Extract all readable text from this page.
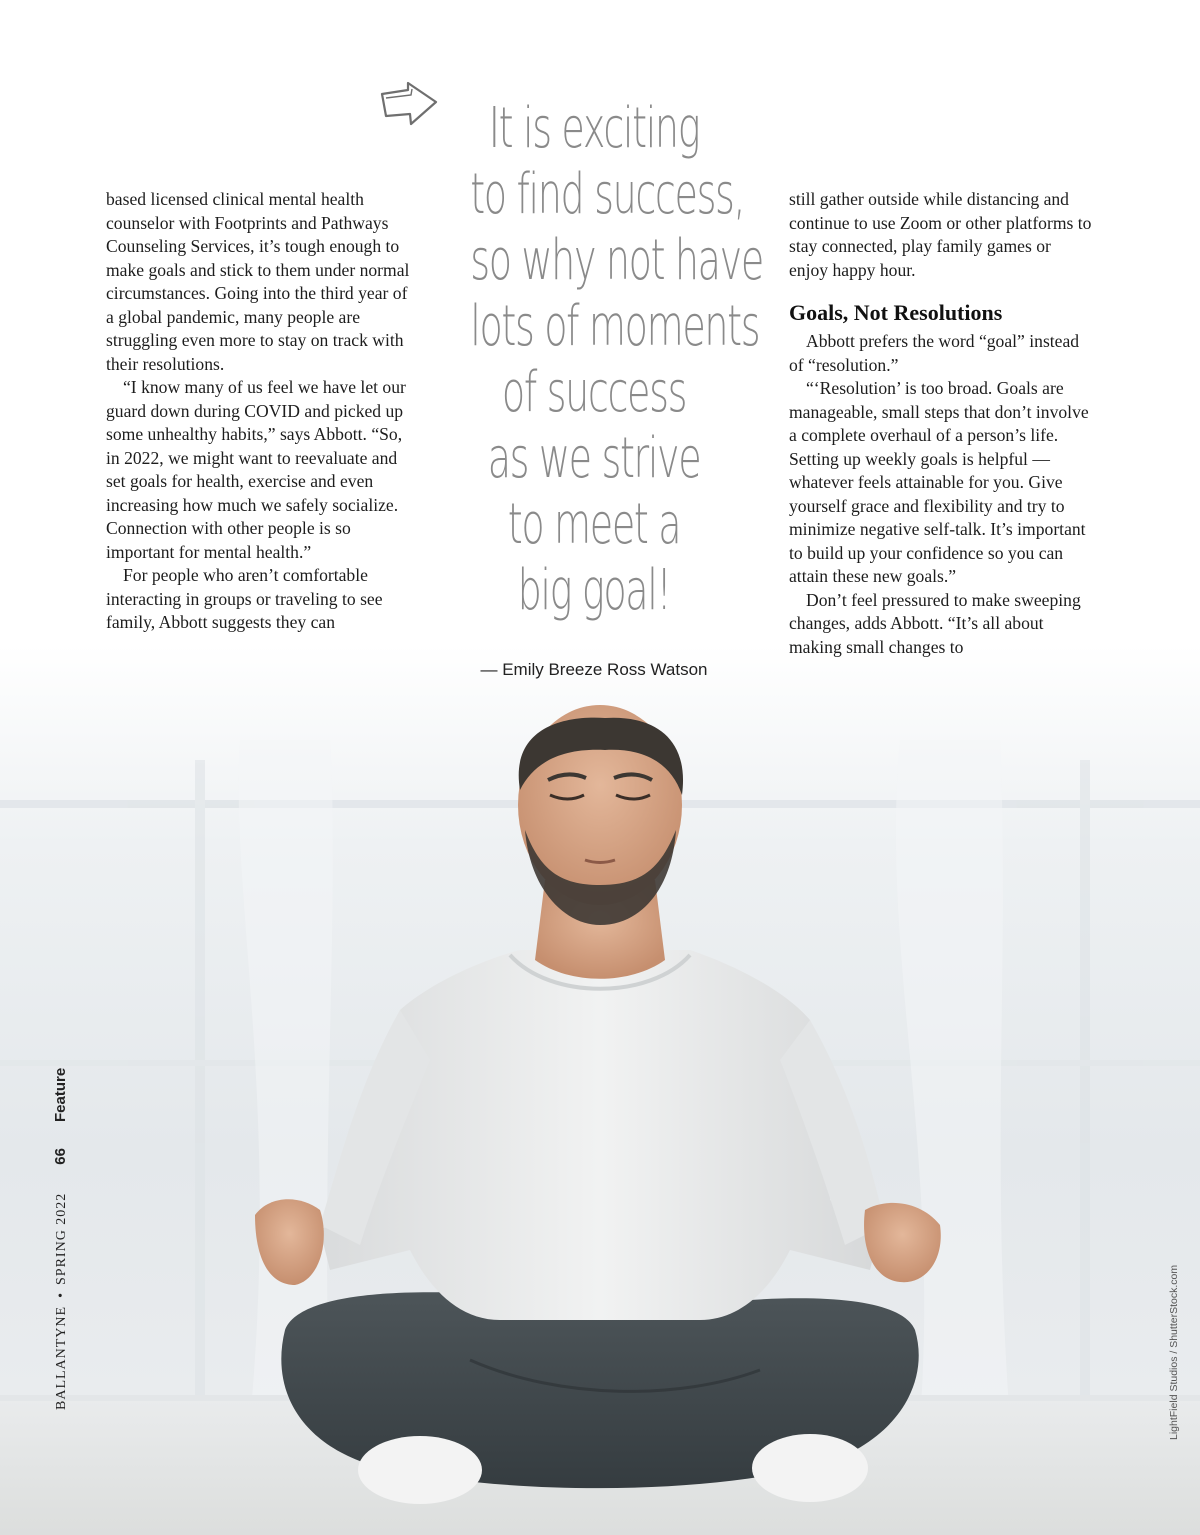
based licensed clinical mental health counselor with Footprints and Pathways Counseling Services, it’s tough enough to make goals and stick to them under normal circumstances. Going into the third year of a global pandemic, many people are struggling even more to stay on track with their resolutions.

“I know many of us feel we have let our guard down during COVID and picked up some unhealthy habits,” says Abbott. “So, in 2022, we might want to reevaluate and set goals for health, exercise and even increasing how much we safely socialize. Connection with other people is so important for mental health.”

For people who aren’t comfortable interacting in groups or traveling to see family, Abbott suggests they can

It is exciting
to find success,
so why not have
lots of moments
of success
as we strive
to meet a
big goal!
— Emily Breeze Ross Watson

still gather outside while distancing and continue to use Zoom or other platforms to stay connected, play family games or enjoy happy hour.

Goals, Not Resolutions

Abbott prefers the word “goal” instead of “resolution.”

“‘Resolution’ is too broad. Goals are manageable, small steps that don’t involve a complete overhaul of a person’s life. Setting up weekly goals is helpful — whatever feels attainable for you. Give yourself grace and flexibility and try to minimize negative self-talk. It’s important to build up your confidence so you can attain these new goals.”

Don’t feel pressured to make sweeping changes, adds Abbott. “It’s all about making small changes to

BALLANTYNE•SPRING 202266Feature
LightField Studios / ShutterStock.com
